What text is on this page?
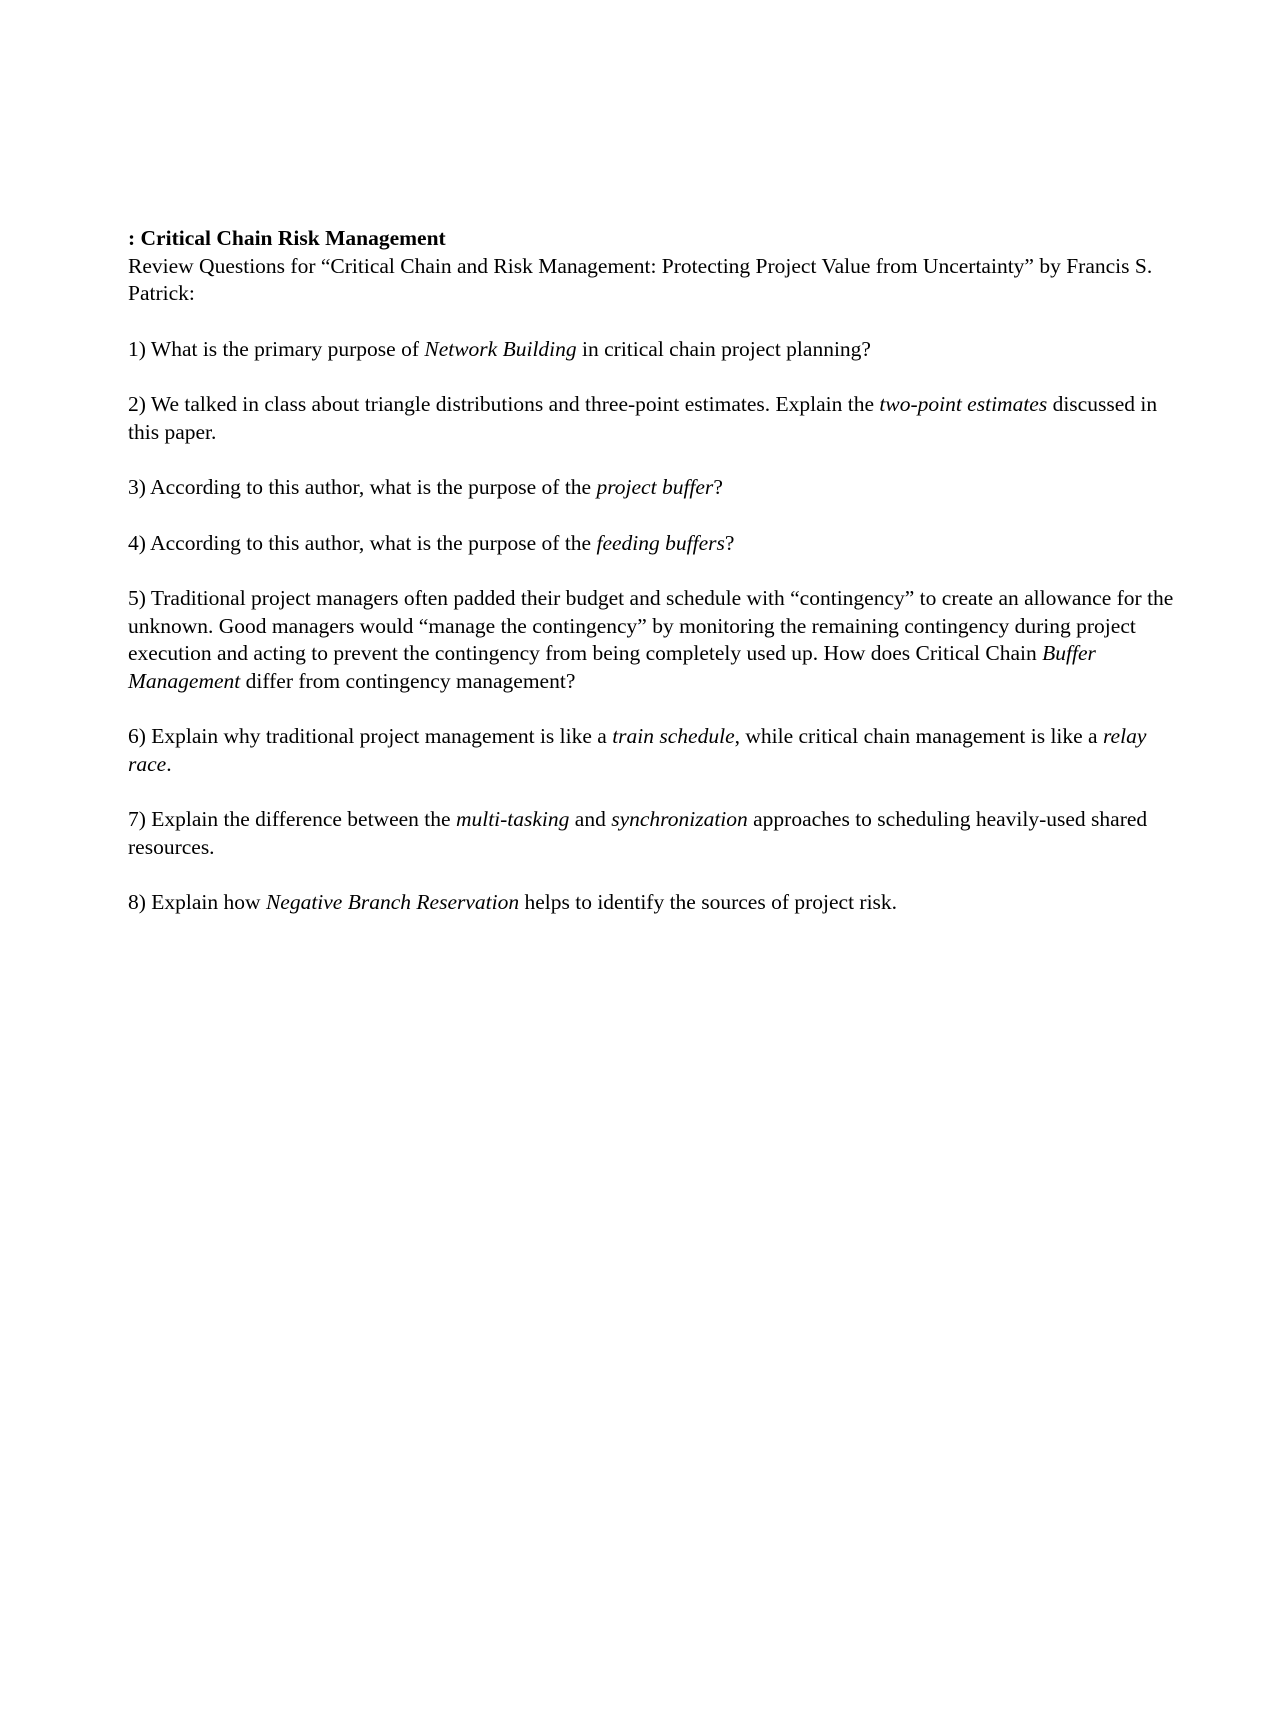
: Critical Chain Risk Management

Review Questions for “Critical Chain and Risk Management: Protecting Project Value from Uncertainty” by Francis S. Patrick:

1) What is the primary purpose of Network Building in critical chain project planning?

2) We talked in class about triangle distributions and three-point estimates. Explain the two-point estimates discussed in this paper.

3) According to this author, what is the purpose of the project buffer?

4) According to this author, what is the purpose of the feeding buffers?

5) Traditional project managers often padded their budget and schedule with “contingency” to create an allowance for the unknown. Good managers would “manage the contingency” by monitoring the remaining contingency during project execution and acting to prevent the contingency from being completely used up. How does Critical Chain Buffer Management differ from contingency management?

6) Explain why traditional project management is like a train schedule, while critical chain management is like a relay race.

7) Explain the difference between the multi-tasking and synchronization approaches to scheduling heavily-used shared resources.

8) Explain how Negative Branch Reservation helps to identify the sources of project risk.
